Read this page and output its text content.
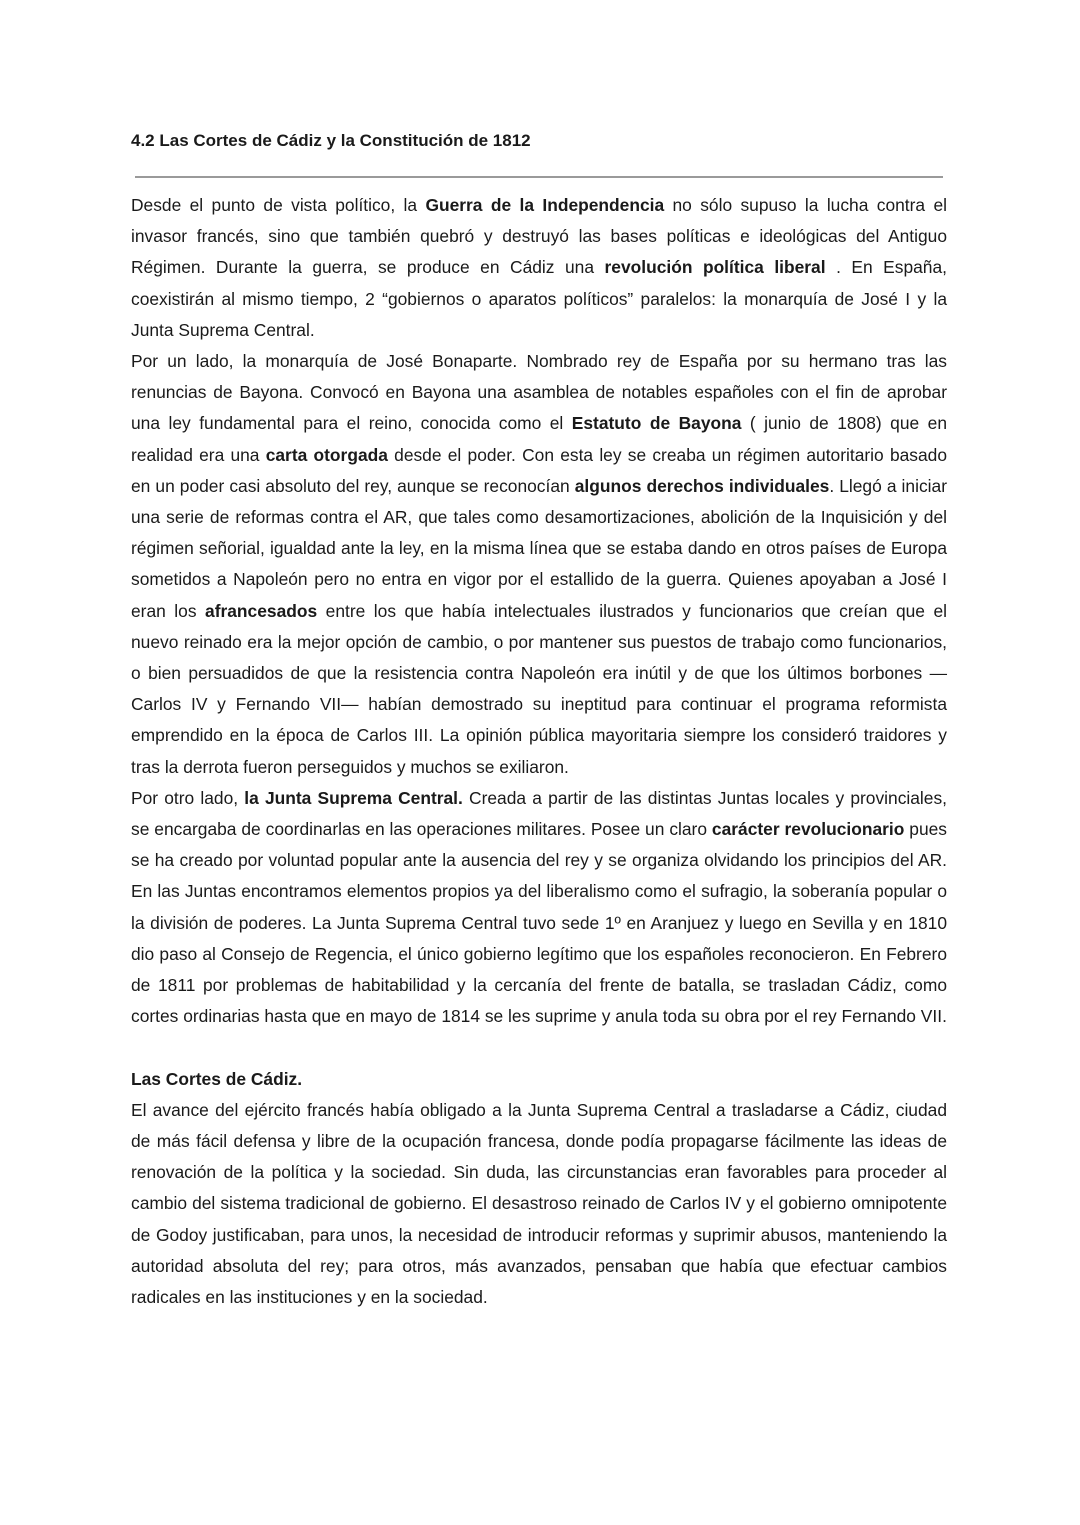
4.2 Las Cortes de Cádiz y la Constitución de 1812

Desde el punto de vista político, la Guerra de la Independencia no sólo supuso la lucha contra el invasor francés, sino que también quebró y destruyó las bases políticas e ideológicas del Antiguo Régimen. Durante la guerra, se produce en Cádiz una revolución política liberal . En España, coexistirán al mismo tiempo, 2 “gobiernos o aparatos políticos” paralelos: la monarquía de José I y la Junta Suprema Central.

Por un lado, la monarquía de José Bonaparte. Nombrado rey de España por su hermano tras las renuncias de Bayona. Convocó en Bayona una asamblea de notables españoles con el fin de aprobar una ley fundamental para el reino, conocida como el Estatuto de Bayona ( junio de 1808) que en realidad era una carta otorgada desde el poder. Con esta ley se creaba un régimen autoritario basado en un poder casi absoluto del rey, aunque se reconocían algunos derechos individuales. Llegó a iniciar una serie de reformas contra el AR, que tales como desamortizaciones, abolición de la Inquisición y del régimen señorial, igualdad ante la ley, en la misma línea que se estaba dando en otros países de Europa sometidos a Napoleón pero no entra en vigor por el estallido de la guerra. Quienes apoyaban a José I eran los afrancesados entre los que había intelectuales ilustrados y funcionarios que creían que el nuevo reinado era la mejor opción de cambio, o por mantener sus puestos de trabajo como funcionarios, o bien persuadidos de que la resistencia contra Napoleón era inútil y de que los últimos borbones —Carlos IV y Fernando VII— habían demostrado su ineptitud para continuar el programa reformista emprendido en la época de Carlos III. La opinión pública mayoritaria siempre los consideró traidores y tras la derrota fueron perseguidos y muchos se exiliaron.

Por otro lado, la Junta Suprema Central. Creada a partir de las distintas Juntas locales y provinciales, se encargaba de coordinarlas en las operaciones militares. Posee un claro carácter revolucionario pues se ha creado por voluntad popular ante la ausencia del rey y se organiza olvidando los principios del AR. En las Juntas encontramos elementos propios ya del liberalismo como el sufragio, la soberanía popular o la división de poderes. La Junta Suprema Central tuvo sede 1º en Aranjuez y luego en Sevilla y en 1810 dio paso al Consejo de Regencia, el único gobierno legítimo que los españoles reconocieron. En Febrero de 1811 por problemas de habitabilidad y la cercanía del frente de batalla, se trasladan Cádiz, como cortes ordinarias hasta que en mayo de 1814 se les suprime y anula toda su obra por el rey Fernando VII.

Las Cortes de Cádiz.

El avance del ejército francés había obligado a la Junta Suprema Central a trasladarse a Cádiz, ciudad de más fácil defensa y libre de la ocupación francesa, donde podía propagarse fácilmente las ideas de renovación de la política y la sociedad. Sin duda, las circunstancias eran favorables para proceder al cambio del sistema tradicional de gobierno. El desastroso reinado de Carlos IV y el gobierno omnipotente de Godoy justificaban, para unos, la necesidad de introducir reformas y suprimir abusos, manteniendo la autoridad absoluta del rey; para otros, más avanzados, pensaban que había que efectuar cambios radicales en las instituciones y en la sociedad.
